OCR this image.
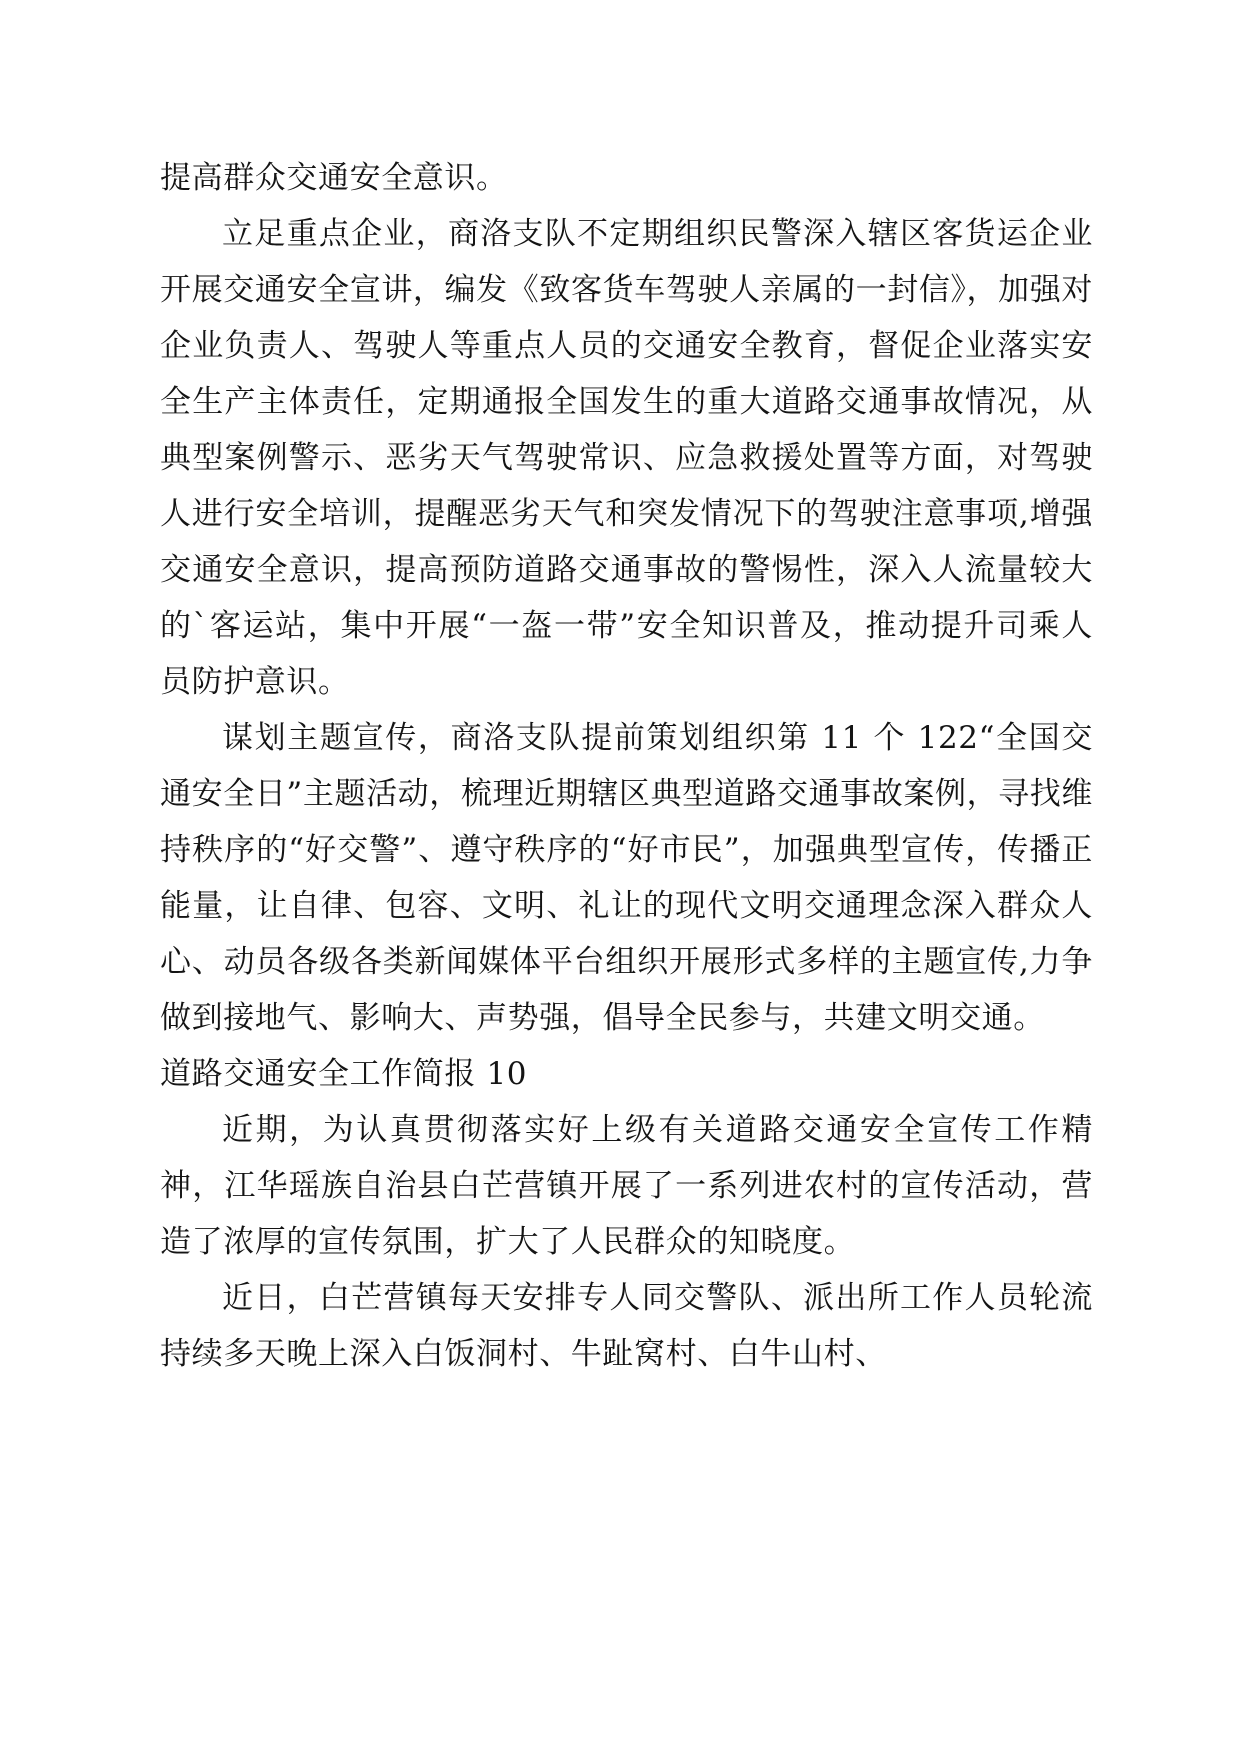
提高群众交通安全意识。

立足重点企业，商洛支队不定期组织民警深入辖区客货运企业开展交通安全宣讲，编发《致客货车驾驶人亲属的一封信》，加强对企业负责人、驾驶人等重点人员的交通安全教育，督促企业落实安全生产主体责任，定期通报全国发生的重大道路交通事故情况，从典型案例警示、恶劣天气驾驶常识、应急救援处置等方面，对驾驶人进行安全培训，提醒恶劣天气和突发情况下的驾驶注意事项,增强交通安全意识，提高预防道路交通事故的警惕性，深入人流量较大的`客运站，集中开展“一盔一带”安全知识普及，推动提升司乘人员防护意识。

谋划主题宣传，商洛支队提前策划组织第 11 个 122“全国交通安全日”主题活动，梳理近期辖区典型道路交通事故案例，寻找维持秩序的“好交警”、遵守秩序的“好市民”，加强典型宣传，传播正能量，让自律、包容、文明、礼让的现代文明交通理念深入群众人心、动员各级各类新闻媒体平台组织开展形式多样的主题宣传,力争做到接地气、影响大、声势强，倡导全民参与，共建文明交通。

道路交通安全工作简报 10

近期，为认真贯彻落实好上级有关道路交通安全宣传工作精神，江华瑶族自治县白芒营镇开展了一系列进农村的宣传活动，营造了浓厚的宣传氛围，扩大了人民群众的知晓度。

近日，白芒营镇每天安排专人同交警队、派出所工作人员轮流持续多天晚上深入白饭洞村、牛趾窝村、白牛山村、
